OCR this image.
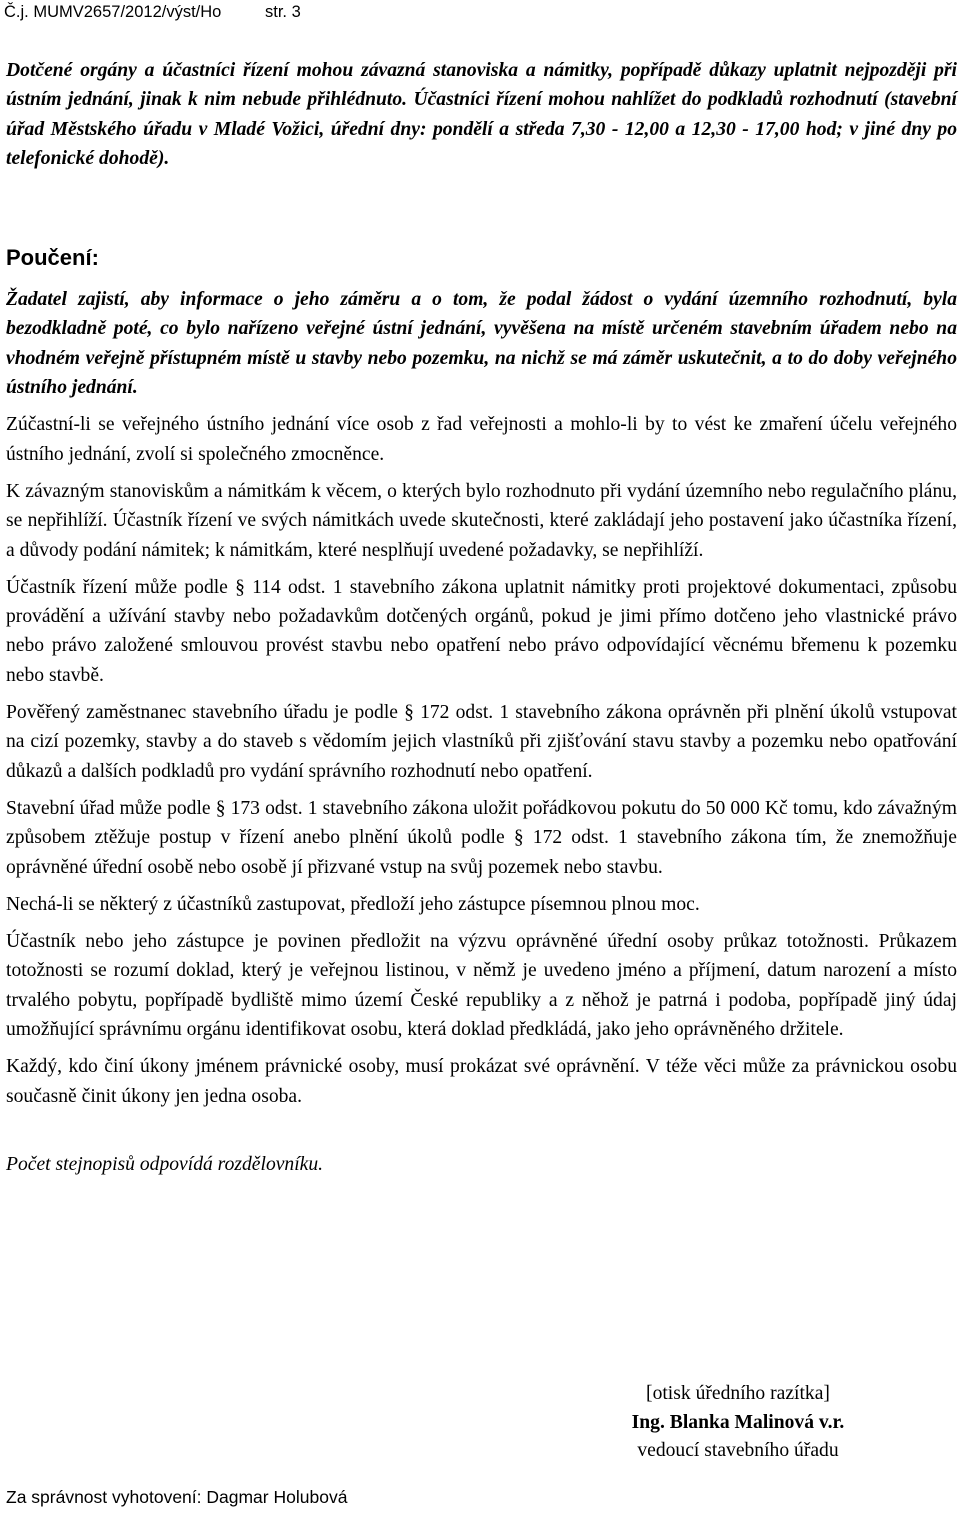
Č.j. MUMV2657/2012/výst/Ho	str. 3

Dotčené orgány a účastníci řízení mohou závazná stanoviska a námitky, popřípadě důkazy uplatnit nejpozději při ústním jednání, jinak k nim nebude přihlédnuto. Účastníci řízení mohou nahlížet do podkladů rozhodnutí (stavební úřad Městského úřadu v Mladé Vožici, úřední dny: pondělí a středa 7,30 - 12,00 a 12,30 - 17,00 hod; v jiné dny po telefonické dohodě).

Poučení:

Žadatel zajistí, aby informace o jeho záměru a o tom, že podal žádost o vydání územního rozhodnutí, byla bezodkladně poté, co bylo nařízeno veřejné ústní jednání, vyvěšena na místě určeném stavebním úřadem nebo na vhodném veřejně přístupném místě u stavby nebo pozemku, na nichž se má záměr uskutečnit, a to do doby veřejného ústního jednání.

Zúčastní-li se veřejného ústního jednání více osob z řad veřejnosti a mohlo-li by to vést ke zmaření účelu veřejného ústního jednání, zvolí si společného zmocněnce.

K závazným stanoviskům a námitkám k věcem, o kterých bylo rozhodnuto při vydání územního nebo regulačního plánu, se nepřihlíží. Účastník řízení ve svých námitkách uvede skutečnosti, které zakládají jeho postavení jako účastníka řízení, a důvody podání námitek; k námitkám, které nesplňují uvedené požadavky, se nepřihlíží.

Účastník řízení může podle § 114 odst. 1 stavebního zákona uplatnit námitky proti projektové dokumentaci, způsobu provádění a užívání stavby nebo požadavkům dotčených orgánů, pokud je jimi přímo dotčeno jeho vlastnické právo nebo právo založené smlouvou provést stavbu nebo opatření nebo právo odpovídající věcnému břemenu k pozemku nebo stavbě.

Pověřený zaměstnanec stavebního úřadu je podle § 172 odst. 1 stavebního zákona oprávněn při plnění úkolů vstupovat na cizí pozemky, stavby a do staveb s vědomím jejich vlastníků při zjišťování stavu stavby a pozemku nebo opatřování důkazů a dalších podkladů pro vydání správního rozhodnutí nebo opatření.

Stavební úřad může podle § 173 odst. 1 stavebního zákona uložit pořádkovou pokutu do 50 000 Kč tomu, kdo závažným způsobem ztěžuje postup v řízení anebo plnění úkolů podle § 172 odst. 1 stavebního zákona tím, že znemožňuje oprávněné úřední osobě nebo osobě jí přizvané vstup na svůj pozemek nebo stavbu.

Nechá-li se některý z účastníků zastupovat, předloží jeho zástupce písemnou plnou moc.

Účastník nebo jeho zástupce je povinen předložit na výzvu oprávněné úřední osoby průkaz totožnosti. Průkazem totožnosti se rozumí doklad, který je veřejnou listinou, v němž je uvedeno jméno a příjmení, datum narození a místo trvalého pobytu, popřípadě bydliště mimo území České republiky a z něhož je patrná i podoba, popřípadě jiný údaj umožňující správnímu orgánu identifikovat osobu, která doklad předkládá, jako jeho oprávněného držitele.

Každý, kdo činí úkony jménem právnické osoby, musí prokázat své oprávnění. V téže věci může za právnickou osobu současně činit úkony jen jedna osoba.

Počet stejnopisů odpovídá rozdělovníku.

[otisk úředního razítka]
Ing. Blanka Malinová v.r.
vedoucí stavebního úřadu
Za správnost vyhotovení: Dagmar Holubová
